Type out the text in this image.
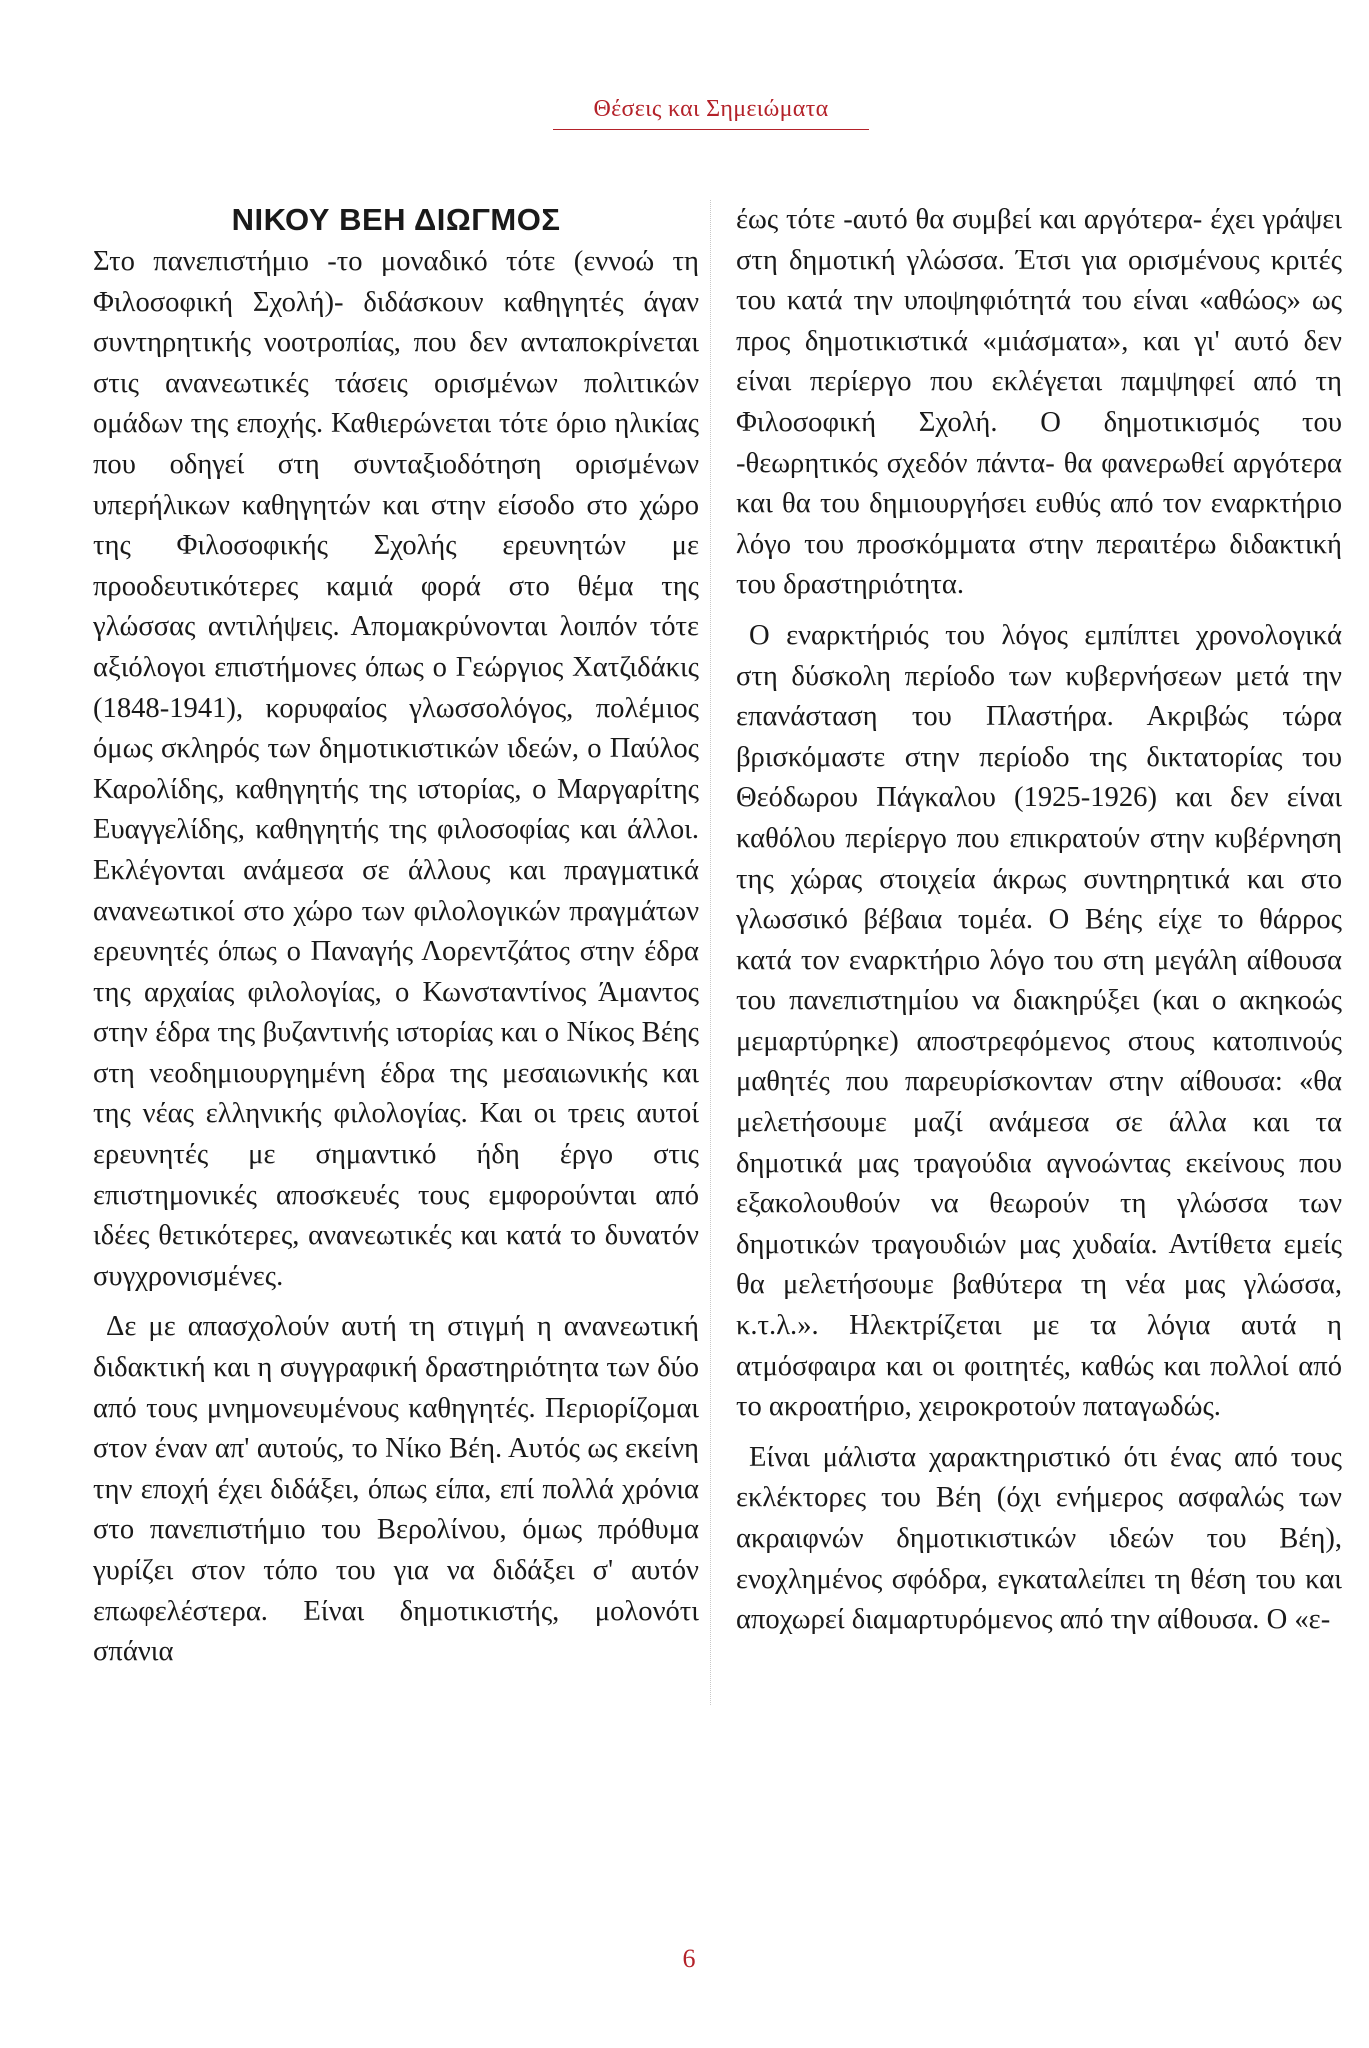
Θέσεις και Σημειώματα
ΝΙΚΟΥ ΒΕΗ ΔΙΩΓΜΟΣ

Στο πανεπιστήμιο -το μοναδικό τότε (εννοώ τη Φιλοσοφική Σχολή)- διδάσκουν καθηγητές άγαν συντηρητικής νοοτροπίας, που δεν ανταποκρίνεται στις ανανεωτικές τάσεις ορισμένων πολιτικών ομάδων της εποχής. Καθιερώνεται τότε όριο ηλικίας που οδηγεί στη συνταξιοδότηση ορισμένων υπερήλικων καθηγητών και στην είσοδο στο χώρο της Φιλοσοφικής Σχολής ερευνητών με προοδευτικότερες καμιά φορά στο θέμα της γλώσσας αντιλήψεις. Απομακρύνονται λοιπόν τότε αξιόλογοι επιστήμονες όπως ο Γεώργιος Χατζιδάκις (1848-1941), κορυφαίος γλωσσολόγος, πολέμιος όμως σκληρός των δημοτικιστικών ιδεών, ο Παύλος Καρολίδης, καθηγητής της ιστορίας, ο Μαργαρίτης Ευαγγελίδης, καθηγητής της φιλοσοφίας και άλλοι. Εκλέγονται ανάμεσα σε άλλους και πραγματικά ανανεωτικοί στο χώρο των φιλολογικών πραγμάτων ερευνητές όπως ο Παναγής Λορεντζάτος στην έδρα της αρχαίας φιλολογίας, ο Κωνσταντίνος Άμαντος στην έδρα της βυζαντινής ιστορίας και ο Νίκος Βέης στη νεοδημιουργημένη έδρα της μεσαιωνικής και της νέας ελληνικής φιλολογίας. Και οι τρεις αυτοί ερευνητές με σημαντικό ήδη έργο στις επιστημονικές αποσκευές τους εμφορούνται από ιδέες θετικότερες, ανανεωτικές και κατά το δυνατόν συγχρονισμένες.

Δε με απασχολούν αυτή τη στιγμή η ανανεωτική διδακτική και η συγγραφική δραστηριότητα των δύο από τους μνημονευμένους καθηγητές. Περιορίζομαι στον έναν απ' αυτούς, το Νίκο Βέη. Αυτός ως εκείνη την εποχή έχει διδάξει, όπως είπα, επί πολλά χρόνια στο πανεπιστήμιο του Βερολίνου, όμως πρόθυμα γυρίζει στον τόπο του για να διδάξει σ' αυτόν επωφελέστερα. Είναι δημοτικιστής, μολονότι σπάνια

έως τότε -αυτό θα συμβεί και αργότερα- έχει γράψει στη δημοτική γλώσσα. Έτσι για ορισμένους κριτές του κατά την υποψηφιότητά του είναι «αθώος» ως προς δημοτικιστικά «μιάσματα», και γι' αυτό δεν είναι περίεργο που εκλέγεται παμψηφεί από τη Φιλοσοφική Σχολή. Ο δημοτικισμός του -θεωρητικός σχεδόν πάντα- θα φανερωθεί αργότερα και θα του δημιουργήσει ευθύς από τον εναρκτήριο λόγο του προσκόμματα στην περαιτέρω διδακτική του δραστηριότητα.

Ο εναρκτήριός του λόγος εμπίπτει χρονολογικά στη δύσκολη περίοδο των κυβερνήσεων μετά την επανάσταση του Πλαστήρα. Ακριβώς τώρα βρισκόμαστε στην περίοδο της δικτατορίας του Θεόδωρου Πάγκαλου (1925-1926) και δεν είναι καθόλου περίεργο που επικρατούν στην κυβέρνηση της χώρας στοιχεία άκρως συντηρητικά και στο γλωσσικό βέβαια τομέα. Ο Βέης είχε το θάρρος κατά τον εναρκτήριο λόγο του στη μεγάλη αίθουσα του πανεπιστημίου να διακηρύξει (και ο ακηκοώς μεμαρτύρηκε) αποστρεφόμενος στους κατοπινούς μαθητές που παρευρίσκονταν στην αίθουσα: «θα μελετήσουμε μαζί ανάμεσα σε άλλα και τα δημοτικά μας τραγούδια αγνοώντας εκείνους που εξακολουθούν να θεωρούν τη γλώσσα των δημοτικών τραγουδιών μας χυδαία. Αντίθετα εμείς θα μελετήσουμε βαθύτερα τη νέα μας γλώσσα, κ.τ.λ.». Ηλεκτρίζεται με τα λόγια αυτά η ατμόσφαιρα και οι φοιτητές, καθώς και πολλοί από το ακροατήριο, χειροκροτούν παταγωδώς.

Είναι μάλιστα χαρακτηριστικό ότι ένας από τους εκλέκτορες του Βέη (όχι ενήμερος ασφαλώς των ακραιφνών δημοτικιστικών ιδεών του Βέη), ενοχλημένος σφόδρα, εγκαταλείπει τη θέση του και αποχωρεί διαμαρτυρόμενος από την αίθουσα. Ο «ε-

6
